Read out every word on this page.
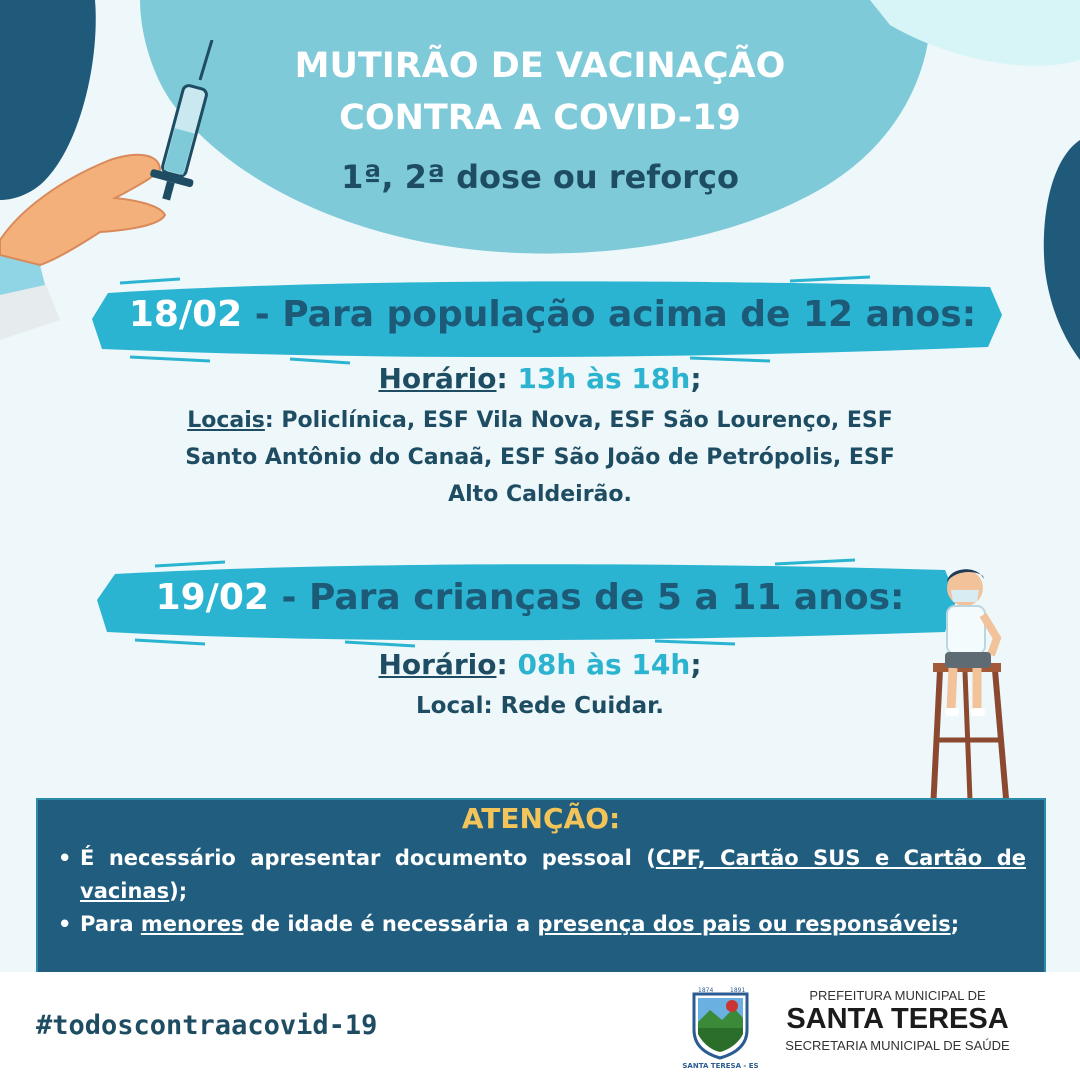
MUTIRÃO DE VACINAÇÃO
CONTRA A COVID-19
1ª, 2ª dose ou reforço
18/02 - Para população acima de 12 anos:
Horário: 13h às 18h;
Locais: Policlínica, ESF Vila Nova, ESF São Lourenço, ESF
Santo Antônio do Canaã, ESF São João de Petrópolis, ESF
Alto Caldeirão.
19/02 - Para crianças de 5 a 11 anos:
Horário: 08h às 14h;
Local: Rede Cuidar.
ATENÇÃO:
• É necessário apresentar documento pessoal (CPF, Cartão SUS e Cartão de vacinas);
• Para menores de idade é necessária a presença dos pais ou responsáveis;
#todoscontraacovid-19
1874	1891
SANTA TERESA - ES
PREFEITURA MUNICIPAL DE
SANTA TERESA
SECRETARIA MUNICIPAL DE SAÚDE
